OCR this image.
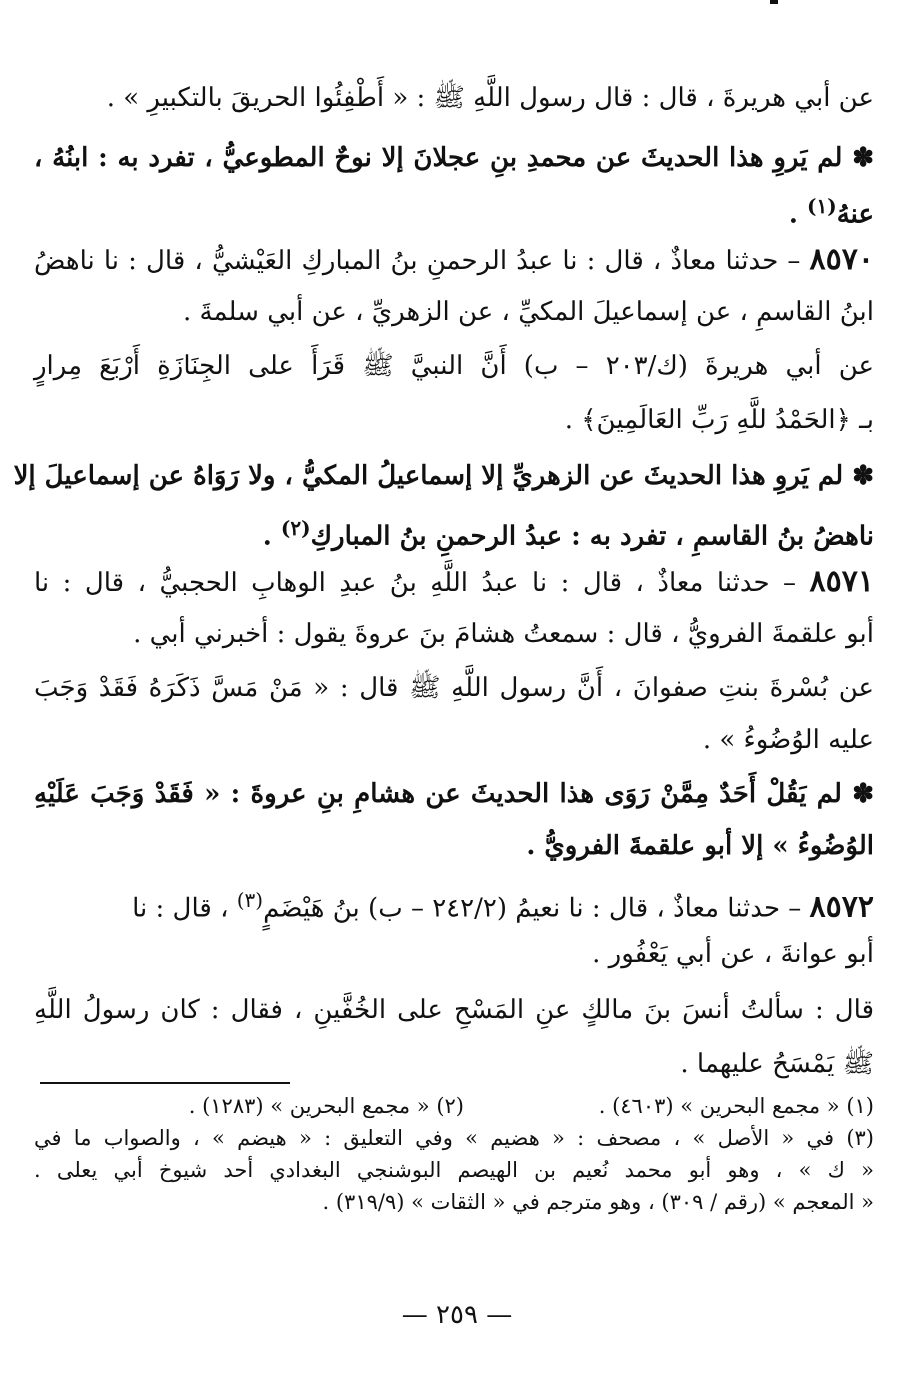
عن أبي هريرةَ ، قال : قال رسول اللَّهِ ﷺ : « أَطْفِئُوا الحريقَ بالتكبيرِ » .
✽ لم يَروِ هذا الحديثَ عن محمدِ بنِ عجلانَ إلا نوحٌ المطوعيُّ ، تفرد به : ابنُهُ ،
عنهُ$^{(١)}$ .
٨٥٧٠ – حدثنا معاذٌ ، قال : نا عبدُ الرحمنِ بنُ المباركِ العَيْشيُّ ، قال : نا ناهضُ
ابنُ القاسمِ ، عن إسماعيلَ المكيِّ ، عن الزهريِّ ، عن أبي سلمةَ .
عن أبي هريرةَ (ك/٢٠٣ – ب) أَنَّ النبيَّ ﷺ قَرَأَ على الجِنَازَةِ أَرْبَعَ مِرارٍ
بـ ﴿الحَمْدُ للَّهِ رَبِّ العَالَمِينَ﴾ .
✽ لم يَروِ هذا الحديثَ عن الزهريِّ إلا إسماعيلُ المكيُّ ، ولا رَوَاهُ عن إسماعيلَ إلا
ناهضُ بنُ القاسمِ ، تفرد به : عبدُ الرحمنِ بنُ المباركِ$^{(٢)}$ .
٨٥٧١ – حدثنا معاذٌ ، قال : نا عبدُ اللَّهِ بنُ عبدِ الوهابِ الحجبيُّ ، قال : نا
أبو علقمةَ الفرويُّ ، قال : سمعتُ هشامَ بنَ عروةَ يقول : أخبرني أبي .
عن بُسْرةَ بنتِ صفوانَ ، أَنَّ رسول اللَّهِ ﷺ قال : « مَنْ مَسَّ ذَكَرَهُ فَقَدْ وَجَبَ
عليه الوُضُوءُ » .
✽ لم يَقُلْ أَحَدٌ مِمَّنْ رَوَى هذا الحديثَ عن هشامِ بنِ عروةَ : « فَقَدْ وَجَبَ عَلَيْهِ
الوُضُوءُ » إلا أبو علقمةَ الفرويُّ .
٨٥٧٢ – حدثنا معاذٌ ، قال : نا نعيمُ (٢٤٢/٢ – ب) بنُ هَيْضَمٍ$^{(٣)}$ ، قال : نا
أبو عوانةَ ، عن أبي يَعْفُور .
قال : سألتُ أنسَ بنَ مالكٍ عنِ المَسْحِ على الخُفَّينِ ، فقال : كان رسولُ اللَّهِ
ﷺ يَمْسَحُ عليهما .
(١) « مجمع البحرين » (٤٦٠٣) .
(٢) « مجمع البحرين » (١٢٨٣) .
(٣) في « الأصل » ، مصحف : « هضيم » وفي التعليق : « هيضم » ، والصواب ما في
« ك » ، وهو أبو محمد نُعيم بن الهيصم البوشنجي البغدادي أحد شيوخ أبي يعلى .
« المعجم » (رقم / ٣٠٩) ، وهو مترجم في « الثقات » (٣١٩/٩) .
— ٢٥٩ —
